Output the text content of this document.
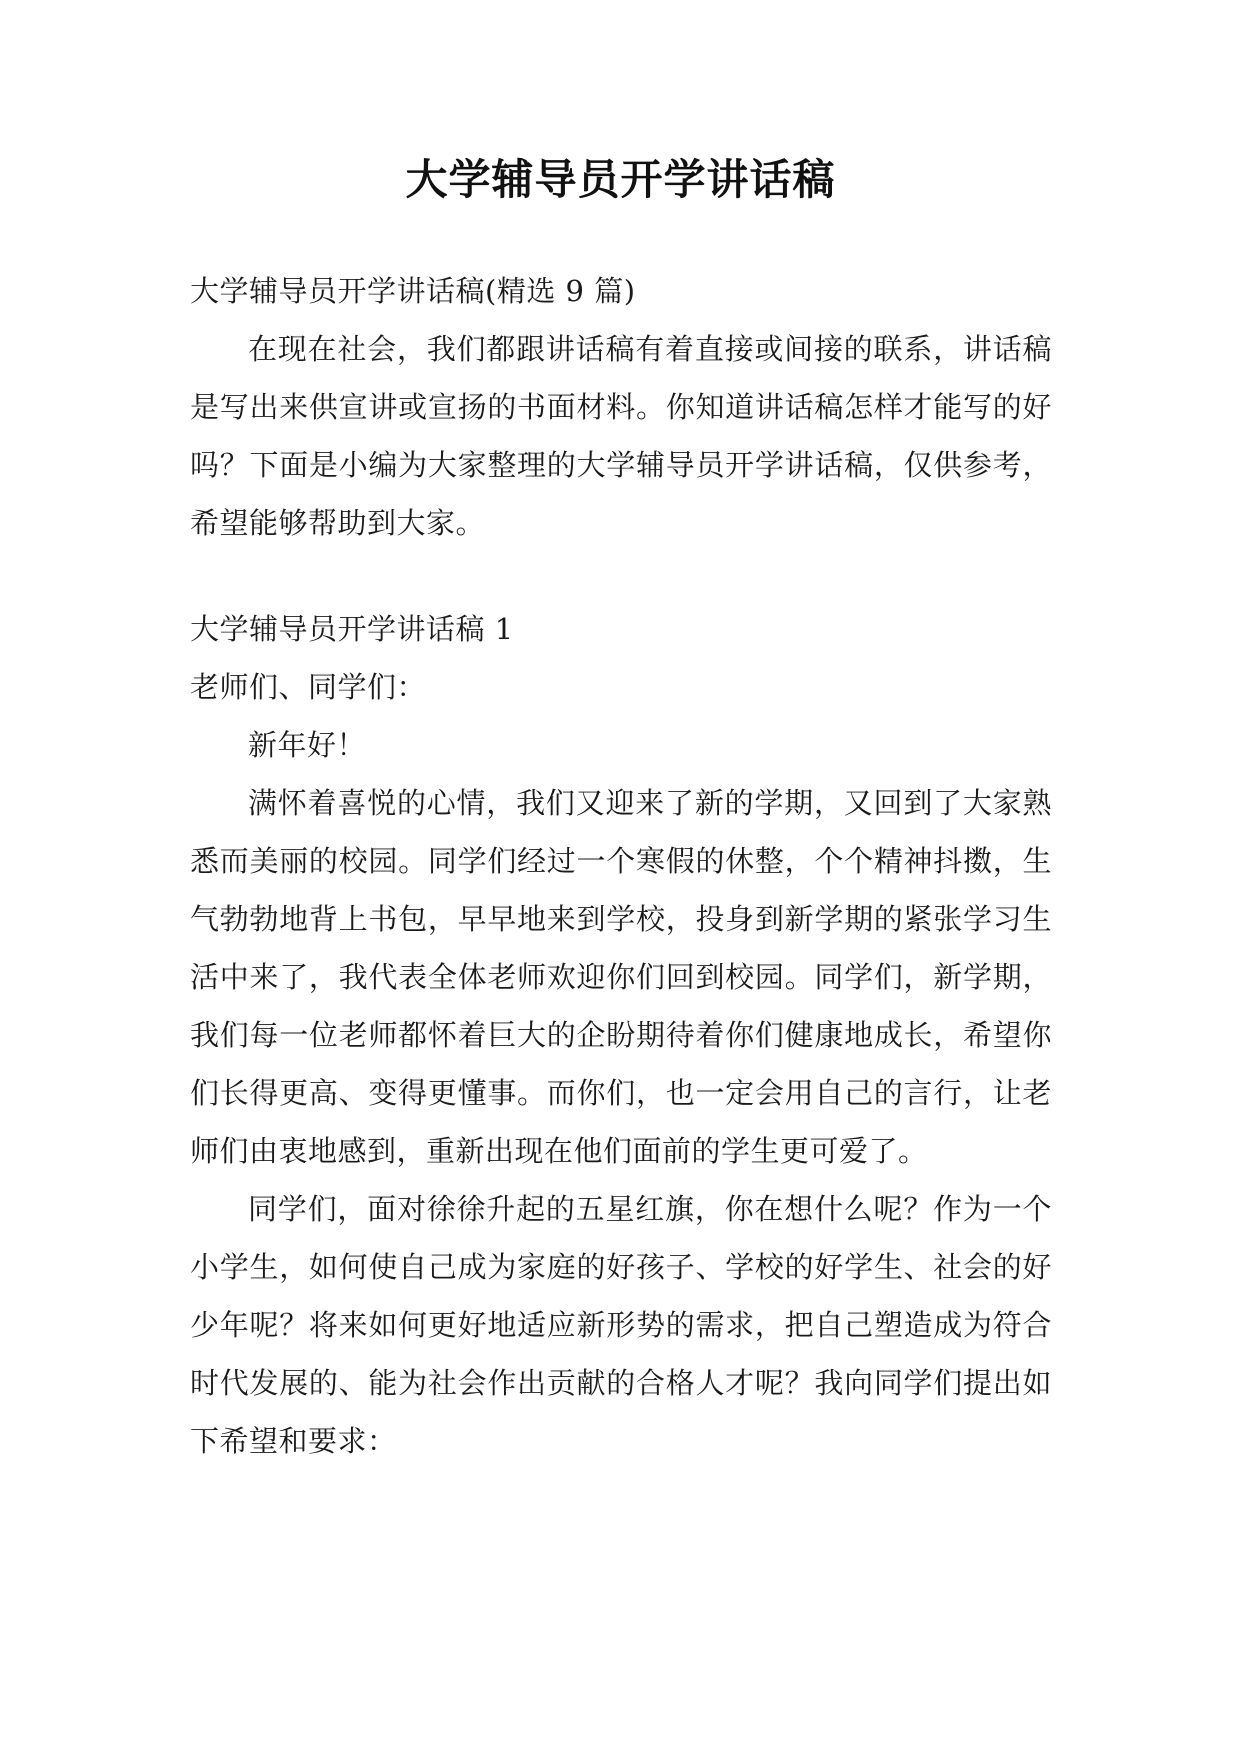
大学辅导员开学讲话稿

大学辅导员开学讲话稿(精选 9 篇)

在现在社会，我们都跟讲话稿有着直接或间接的联系，讲话稿是写出来供宣讲或宣扬的书面材料。你知道讲话稿怎样才能写的好吗？下面是小编为大家整理的大学辅导员开学讲话稿，仅供参考，希望能够帮助到大家。

大学辅导员开学讲话稿 1

老师们、同学们：

新年好！

满怀着喜悦的心情，我们又迎来了新的学期，又回到了大家熟悉而美丽的校园。同学们经过一个寒假的休整，个个精神抖擞，生气勃勃地背上书包，早早地来到学校，投身到新学期的紧张学习生活中来了，我代表全体老师欢迎你们回到校园。同学们，新学期，我们每一位老师都怀着巨大的企盼期待着你们健康地成长，希望你们长得更高、变得更懂事。而你们，也一定会用自己的言行，让老师们由衷地感到，重新出现在他们面前的学生更可爱了。

同学们，面对徐徐升起的五星红旗，你在想什么呢？作为一个小学生，如何使自己成为家庭的好孩子、学校的好学生、社会的好少年呢？将来如何更好地适应新形势的需求，把自己塑造成为符合时代发展的、能为社会作出贡献的合格人才呢？我向同学们提出如下希望和要求：
